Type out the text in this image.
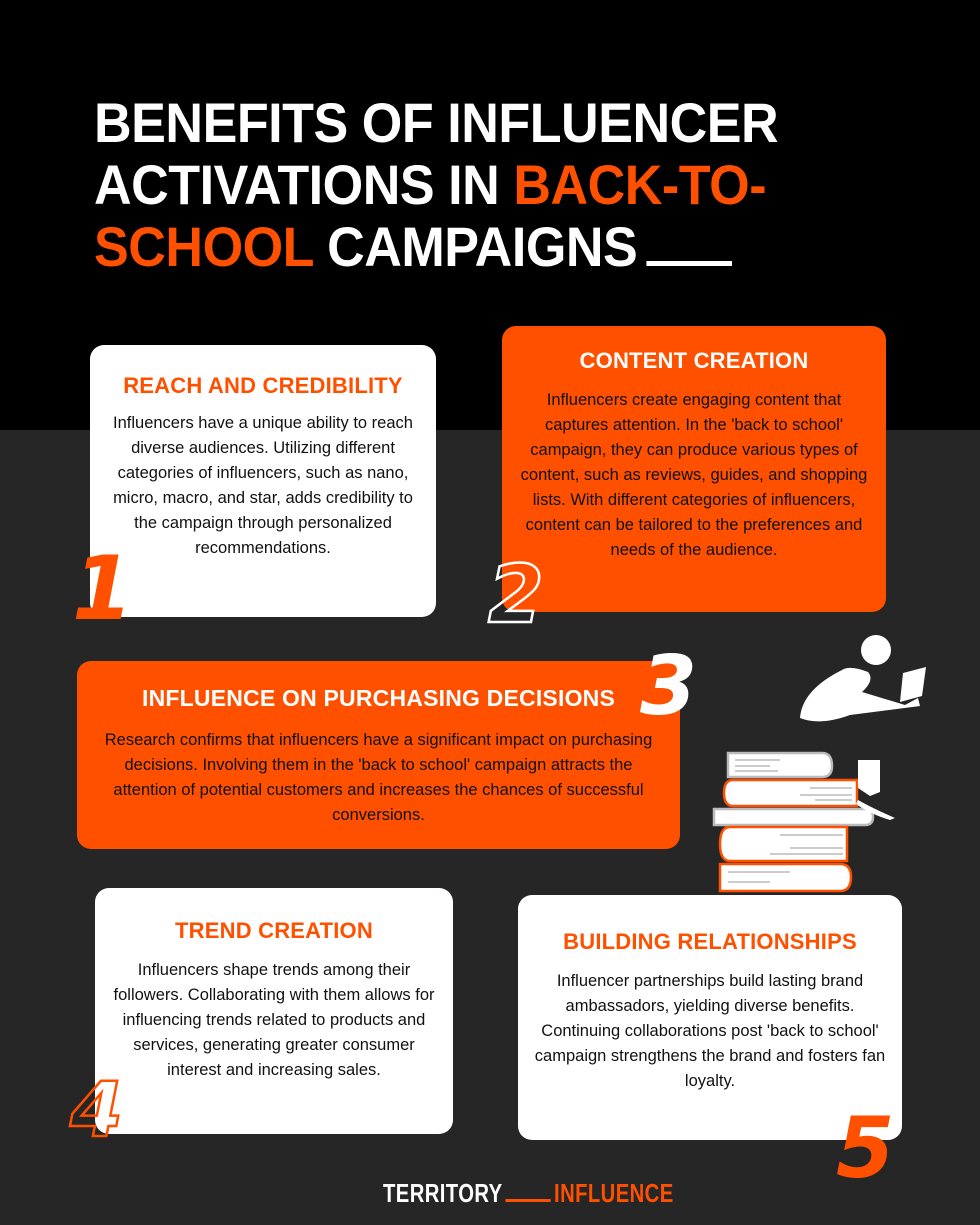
BENEFITS OF INFLUENCER
ACTIVATIONS IN BACK-TO-
SCHOOL CAMPAIGNS
REACH AND CREDIBILITY

Influencers have a unique ability to reach diverse audiences. Utilizing different categories of influencers, such as nano, micro, macro, and star, adds credibility to the campaign through personalized recommendations.

1
CONTENT CREATION

Influencers create engaging content that captures attention. In the 'back to school' campaign, they can produce various types of content, such as reviews, guides, and shopping lists. With different categories of influencers, content can be tailored to the preferences and needs of the audience.

2
INFLUENCE ON PURCHASING DECISIONS

Research confirms that influencers have a significant impact on purchasing decisions. Involving them in the 'back to school' campaign attracts the attention of potential customers and increases the chances of successful conversions.

3
TREND CREATION

Influencers shape trends among their followers. Collaborating with them allows for influencing trends related to products and services, generating greater consumer interest and increasing sales.

4
BUILDING RELATIONSHIPS

Influencer partnerships build lasting brand ambassadors, yielding diverse benefits. Continuing collaborations post 'back to school' campaign strengthens the brand and fosters fan loyalty.

5
TERRITORY INFLUENCE
